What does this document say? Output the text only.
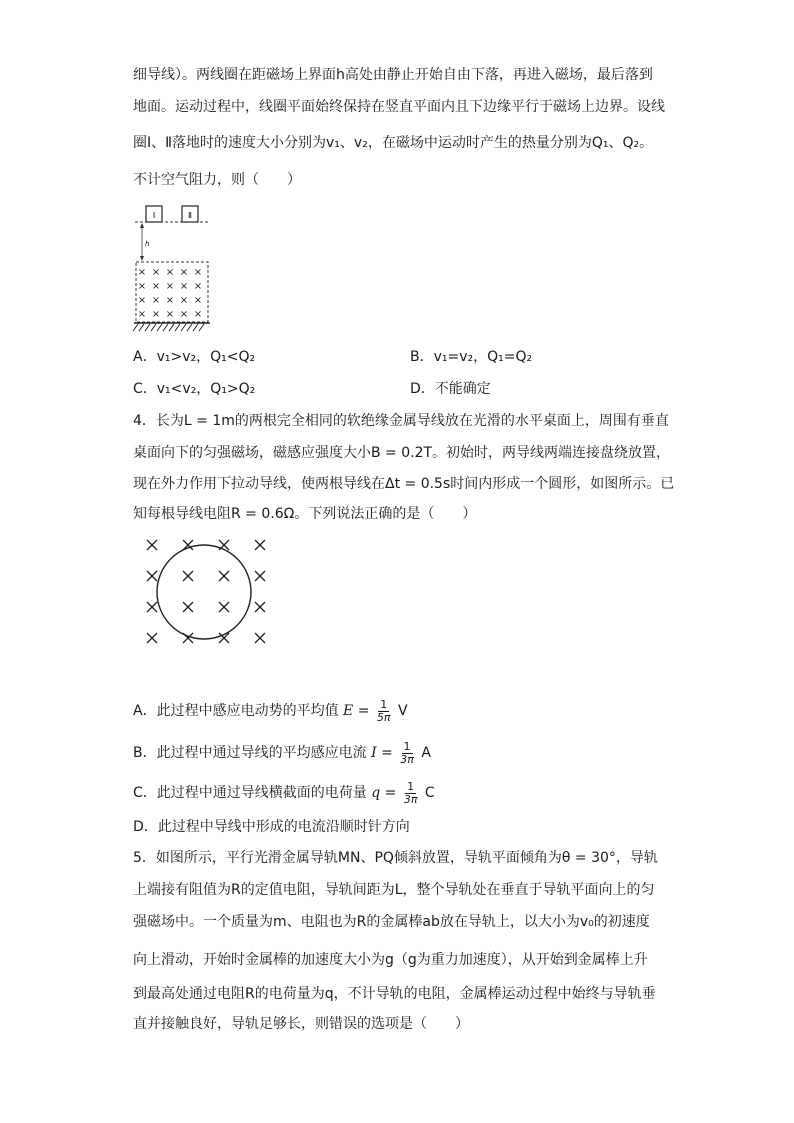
细导线）。两线圈在距磁场上界面h高处由静止开始自由下落，再进入磁场，最后落到
地面。运动过程中，线圈平面始终保持在竖直平面内且下边缘平行于磁场上边界。设线
圈Ⅰ、Ⅱ落地时的速度大小分别为v₁、v₂，在磁场中运动时产生的热量分别为Q₁、Q₂。
不计空气阻力，则（　　）
Ⅰ	Ⅱ
h
× × × × ×
× × × × ×
× × × × ×
× × × × ×
A．v₁>v₂，Q₁<Q₂	B．v₁=v₂，Q₁=Q₂
C．v₁<v₂，Q₁>Q₂	D．不能确定
4．长为L = 1m的两根完全相同的软绝缘金属导线放在光滑的水平桌面上，周围有垂直
桌面向下的匀强磁场，磁感应强度大小B = 0.2T。初始时，两导线两端连接盘绕放置，
现在外力作用下拉动导线，使两根导线在Δt = 0.5s时间内形成一个圆形，如图所示。已
知每根导线电阻R = 0.6Ω。下列说法正确的是（　　）
A．此过程中感应电动势的平均值 $E = \frac{1}{5\pi}$ V
B．此过程中通过导线的平均感应电流 $I = \frac{1}{3\pi}$ A
C．此过程中通过导线横截面的电荷量 $q = \frac{1}{3\pi}$ C
D．此过程中导线中形成的电流沿顺时针方向
5．如图所示，平行光滑金属导轨MN、PQ倾斜放置，导轨平面倾角为θ = 30°，导轨
上端接有阻值为R的定值电阻，导轨间距为L，整个导轨处在垂直于导轨平面向上的匀
强磁场中。一个质量为m、电阻也为R的金属棒ab放在导轨上，以大小为v₀的初速度
向上滑动，开始时金属棒的加速度大小为g（g为重力加速度），从开始到金属棒上升
到最高处通过电阻R的电荷量为q，不计导轨的电阻，金属棒运动过程中始终与导轨垂
直并接触良好，导轨足够长，则错误的选项是（　　）
